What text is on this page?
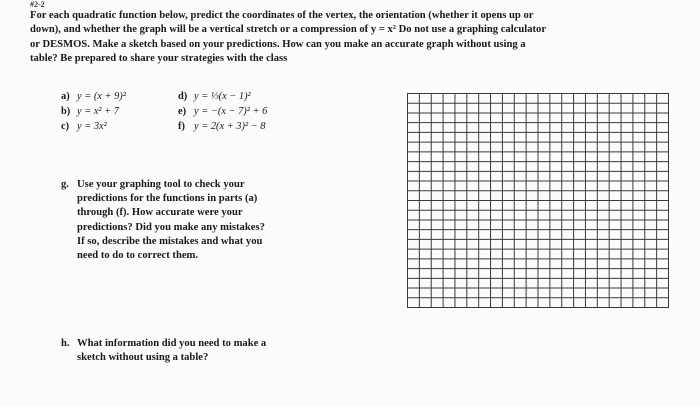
#2-2
For each quadratic function below, predict the coordinates of the vertex, the orientation (whether it opens up or
down), and whether the graph will be a vertical stretch or a compression of y = x² Do not use a graphing calculator
or DESMOS. Make a sketch based on your predictions. How can you make an accurate graph without using a
table? Be prepared to share your strategies with the class
a) y = (x + 9)²
b) y = x² + 7
c) y = 3x²
d) y = ⅓(x − 1)²
e) y = −(x − 7)² + 6
f) y = 2(x + 3)² − 8
g. Use your graphing tool to check your
predictions for the functions in parts (a)
through (f). How accurate were your
predictions? Did you make any mistakes?
If so, describe the mistakes and what you
need to do to correct them.
h. What information did you need to make a
sketch without using a table?
